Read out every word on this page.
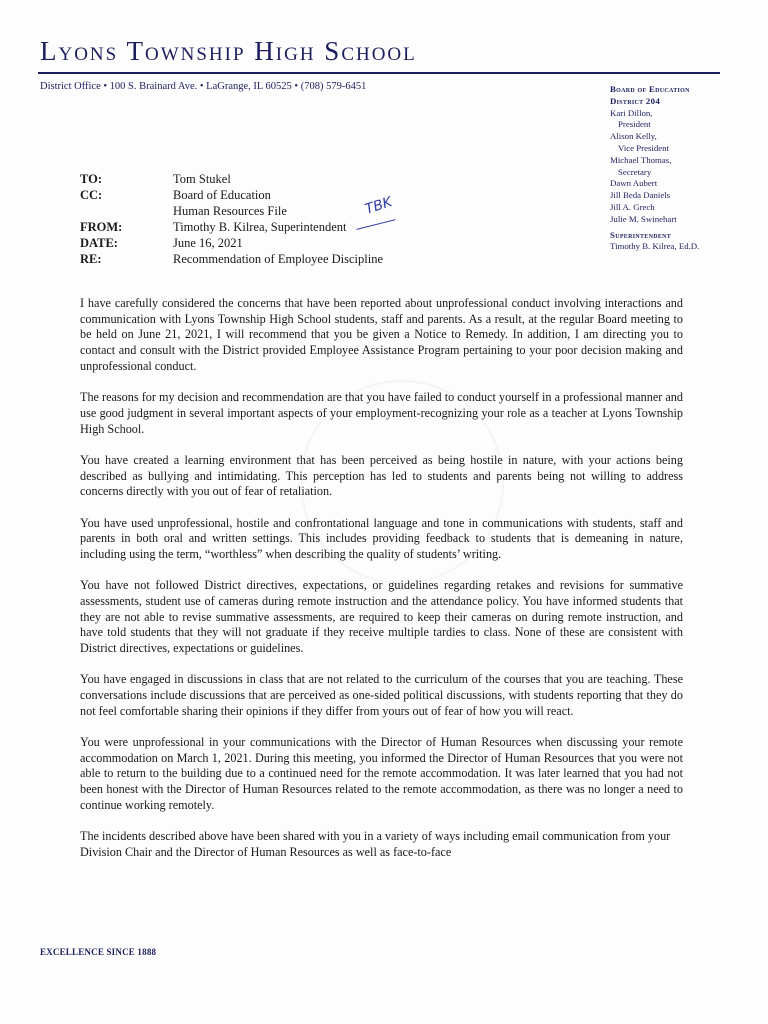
Lyons Township High School
District Office • 100 S. Brainard Ave. • LaGrange, IL 60525 • (708) 579-6451	Board of Education
District 204
Kari Dillon,
President
Alison Kelly,
Vice President
Michael Thomas,
Secretary
Dawn Aubert
Jill Beda Daniels
Jill A. Grech
Julie M. Swinehart
Superintendent
Timothy B. Kilrea, Ed.D.
TO:	Tom Stukel
CC:	Board of Education
Human Resources File
FROM:	Timothy B. Kilrea, Superintendent
DATE:	June 16, 2021
RE:	Recommendation of Employee Discipline
TBK

I have carefully considered the concerns that have been reported about unprofessional conduct involving interactions and communication with Lyons Township High School students, staff and parents. As a result, at the regular Board meeting to be held on June 21, 2021, I will recommend that you be given a Notice to Remedy. In addition, I am directing you to contact and consult with the District provided Employee Assistance Program pertaining to your poor decision making and unprofessional conduct.

The reasons for my decision and recommendation are that you have failed to conduct yourself in a professional manner and use good judgment in several important aspects of your employment-recognizing your role as a teacher at Lyons Township High School.

You have created a learning environment that has been perceived as being hostile in nature, with your actions being described as bullying and intimidating. This perception has led to students and parents being not willing to address concerns directly with you out of fear of retaliation.

You have used unprofessional, hostile and confrontational language and tone in communications with students, staff and parents in both oral and written settings. This includes providing feedback to students that is demeaning in nature, including using the term, “worthless” when describing the quality of students’ writing.

You have not followed District directives, expectations, or guidelines regarding retakes and revisions for summative assessments, student use of cameras during remote instruction and the attendance policy. You have informed students that they are not able to revise summative assessments, are required to keep their cameras on during remote instruction, and have told students that they will not graduate if they receive multiple tardies to class. None of these are consistent with District directives, expectations or guidelines.

You have engaged in discussions in class that are not related to the curriculum of the courses that you are teaching. These conversations include discussions that are perceived as one-sided political discussions, with students reporting that they do not feel comfortable sharing their opinions if they differ from yours out of fear of how you will react.

You were unprofessional in your communications with the Director of Human Resources when discussing your remote accommodation on March 1, 2021. During this meeting, you informed the Director of Human Resources that you were not able to return to the building due to a continued need for the remote accommodation. It was later learned that you had not been honest with the Director of Human Resources related to the remote accommodation, as there was no longer a need to continue working remotely.

The incidents described above have been shared with you in a variety of ways including email communication from your Division Chair and the Director of Human Resources as well as face-to-face

EXCELLENCE SINCE 1888
